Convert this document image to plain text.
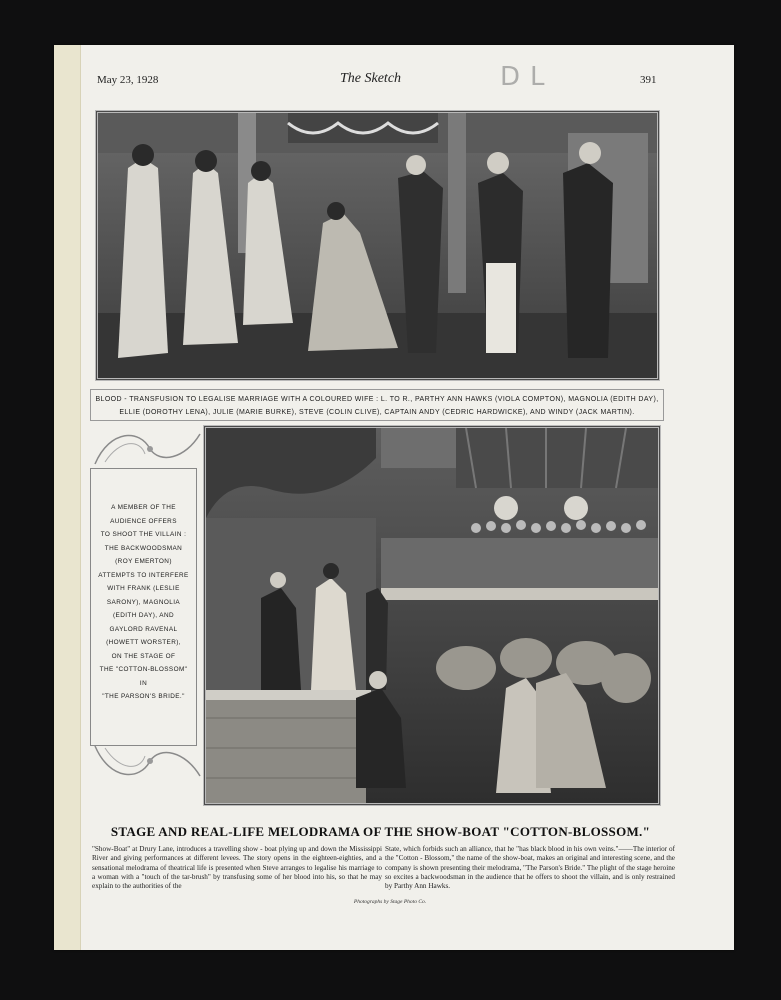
May 23, 1928	The Sketch	DL	391
BLOOD - TRANSFUSION TO LEGALISE MARRIAGE WITH A COLOURED WIFE : L. TO R., PARTHY ANN HAWKS (VIOLA COMPTON), MAGNOLIA (EDITH DAY), ELLIE (DOROTHY LENA), JULIE (MARIE BURKE), STEVE (COLIN CLIVE), CAPTAIN ANDY (CEDRIC HARDWICKE), AND WINDY (JACK MARTIN).
A MEMBER OF THE
AUDIENCE OFFERS
TO SHOOT THE VILLAIN :
THE BACKWOODSMAN
(ROY EMERTON)
ATTEMPTS TO INTERFERE
WITH FRANK (LESLIE
SARONY), MAGNOLIA
(EDITH DAY), AND
GAYLORD RAVENAL
(HOWETT WORSTER),
ON THE STAGE OF
THE "COTTON-BLOSSOM"
IN
"THE PARSON'S BRIDE."
STAGE AND REAL-LIFE MELODRAMA OF THE SHOW-BOAT "COTTON-BLOSSOM."
"Show-Boat" at Drury Lane, introduces a travelling show - boat plying up and down the Mississippi River and giving performances at different levees. The story opens in the eighteen-eighties, and a sensational melodrama of theatrical life is presented when Steve arranges to legalise his marriage to a woman with a "touch of the tar-brush" by transfusing some of her blood into his, so that he may explain to the authorities of the
State, which forbids such an alliance, that he "has black blood in his own veins."——The interior of the "Cotton - Blossom," the name of the show-boat, makes an original and interesting scene, and the company is shown presenting their melodrama, "The Parson's Bride." The plight of the stage heroine so excites a backwoodsman in the audience that he offers to shoot the villain, and is only restrained by Parthy Ann Hawks.
Photographs by Stage Photo Co.
